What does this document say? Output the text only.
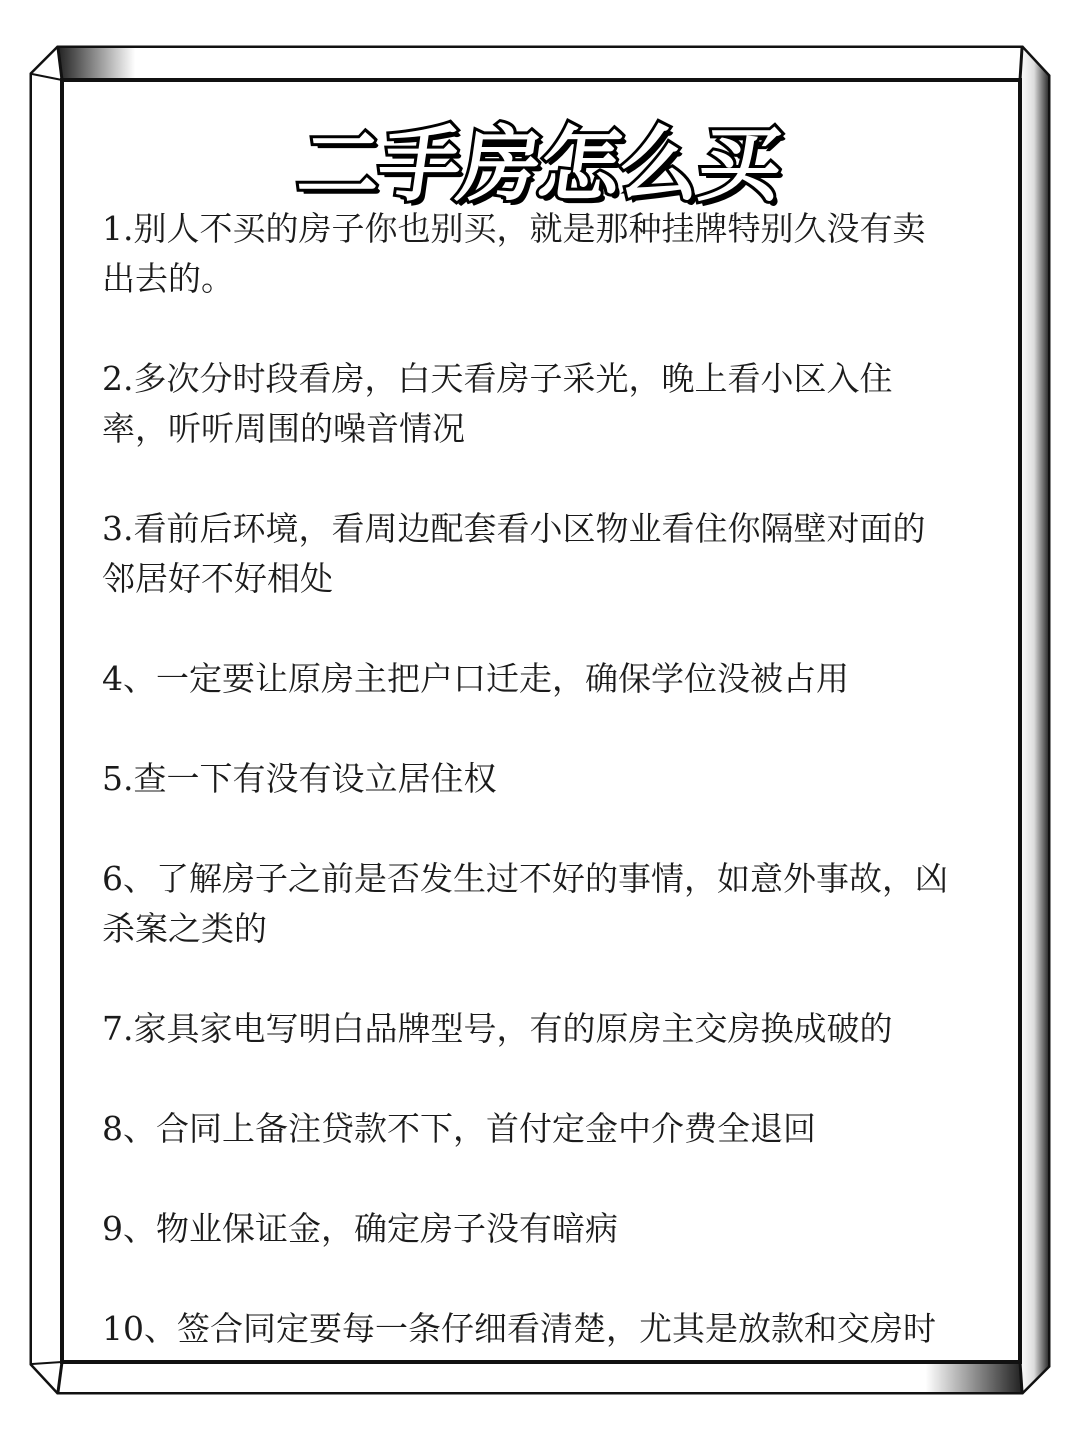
二手房怎么买
1.别人不买的房子你也别买，就是那种挂牌特别久没有卖
出去的。
2.多次分时段看房，白天看房子采光，晚上看小区入住
率，听听周围的噪音情况
3.看前后环境，看周边配套看小区物业看住你隔壁对面的
邻居好不好相处
4、一定要让原房主把户口迁走，确保学位没被占用
5.查一下有没有设立居住权
6、了解房子之前是否发生过不好的事情，如意外事故，凶
杀案之类的
7.家具家电写明白品牌型号，有的原房主交房换成破的
8、合同上备注贷款不下，首付定金中介费全退回
9、物业保证金，确定房子没有暗病
10、签合同定要每一条仔细看清楚，尤其是放款和交房时
